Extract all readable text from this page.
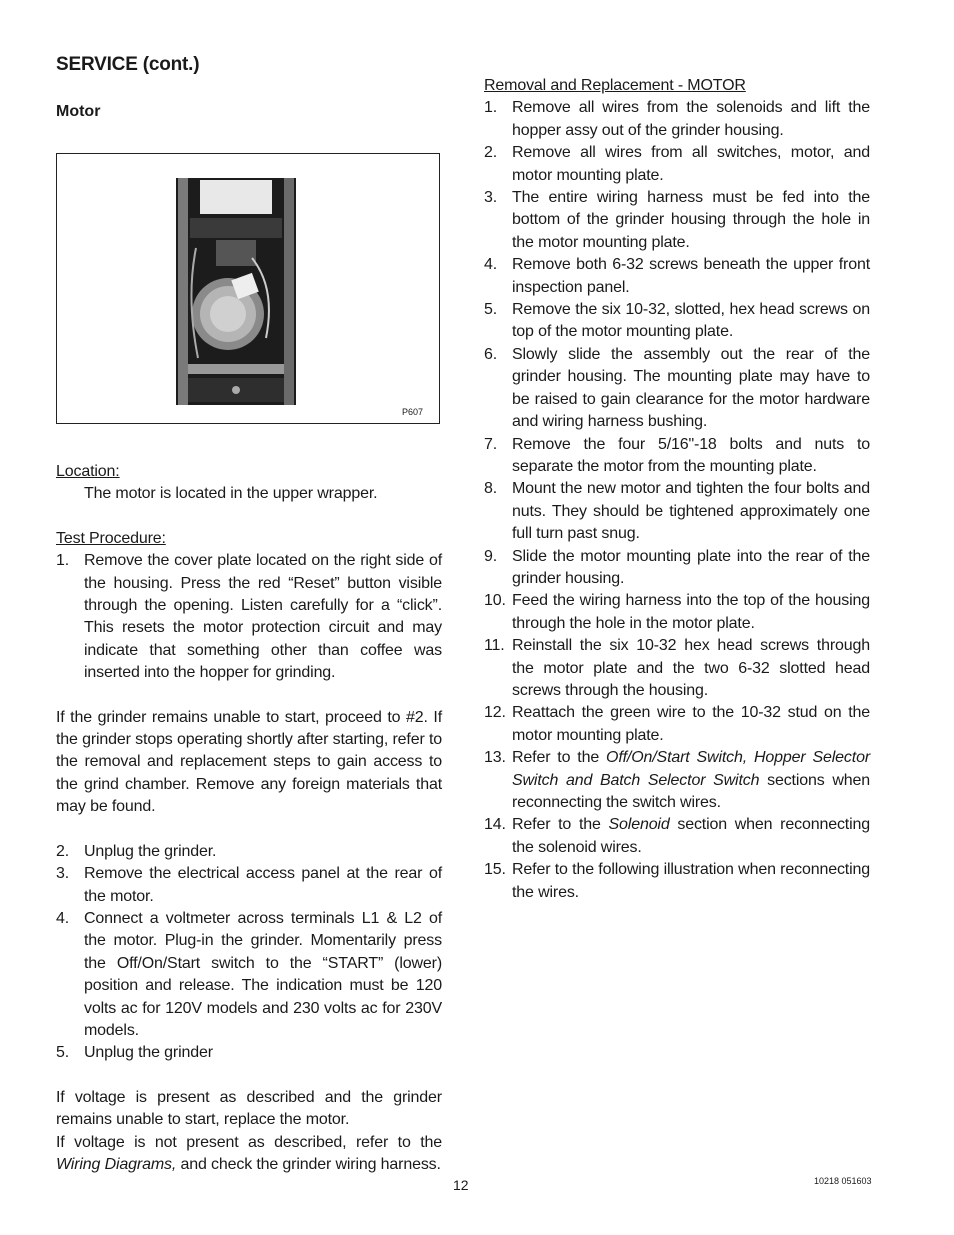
SERVICE (cont.)
Motor
P607
Location:
The motor is located in the upper wrapper.
Test Procedure:
1. Remove the cover plate located on the right side of the housing. Press the red “Reset” button visible through the opening. Listen carefully for a “click”. This resets the motor protection circuit and may indicate that something other than coffee was inserted into the hopper for grinding.
If the grinder remains unable to start, proceed to #2. If the grinder stops operating shortly after starting, refer to the removal and replacement steps to gain access to the grind chamber. Remove any foreign materials that may be found.
2. Unplug the grinder.
3. Remove the electrical access panel at the rear of the motor.
4. Connect a voltmeter across terminals L1 & L2 of the motor. Plug-in the grinder. Momentarily press the Off/On/Start switch to the “START” (lower) position and release. The indication must be 120 volts ac for 120V models and 230 volts ac for 230V models.
5. Unplug the grinder
If voltage is present as described and the grinder remains unable to start, replace the motor.
If voltage is not present as described, refer to the Wiring Diagrams, and check the grinder wiring harness.
Removal and Replacement - MOTOR
1. Remove all wires from the solenoids and lift the hopper assy out of the grinder housing.
2. Remove all wires from all switches, motor, and motor mounting plate.
3. The entire wiring harness must be fed into the bottom of the grinder housing through the hole in the motor mounting plate.
4. Remove both 6-32 screws beneath the upper front inspection panel.
5. Remove the six 10-32, slotted, hex head screws on top of the motor mounting plate.
6. Slowly slide the assembly out the rear of the grinder housing. The mounting plate may have to be raised to gain clearance for the motor hardware and wiring harness bushing.
7. Remove the four 5/16"-18 bolts and nuts to separate the motor from the mounting plate.
8. Mount the new motor and tighten the four bolts and nuts. They should be tightened approximately one full turn past snug.
9. Slide the motor mounting plate into the rear of the grinder housing.
10. Feed the wiring harness into the top of the housing through the hole in the motor plate.
11. Reinstall the six 10-32 hex head screws through the motor plate and the two 6-32 slotted head screws through the housing.
12. Reattach the green wire to the 10-32 stud on the motor mounting plate.
13. Refer to the Off/On/Start Switch, Hopper Selector Switch and Batch Selector Switch sections when reconnecting the switch wires.
14. Refer to the Solenoid section when reconnecting the solenoid wires.
15. Refer to the following illustration when reconnecting the wires.
12	10218 051603
